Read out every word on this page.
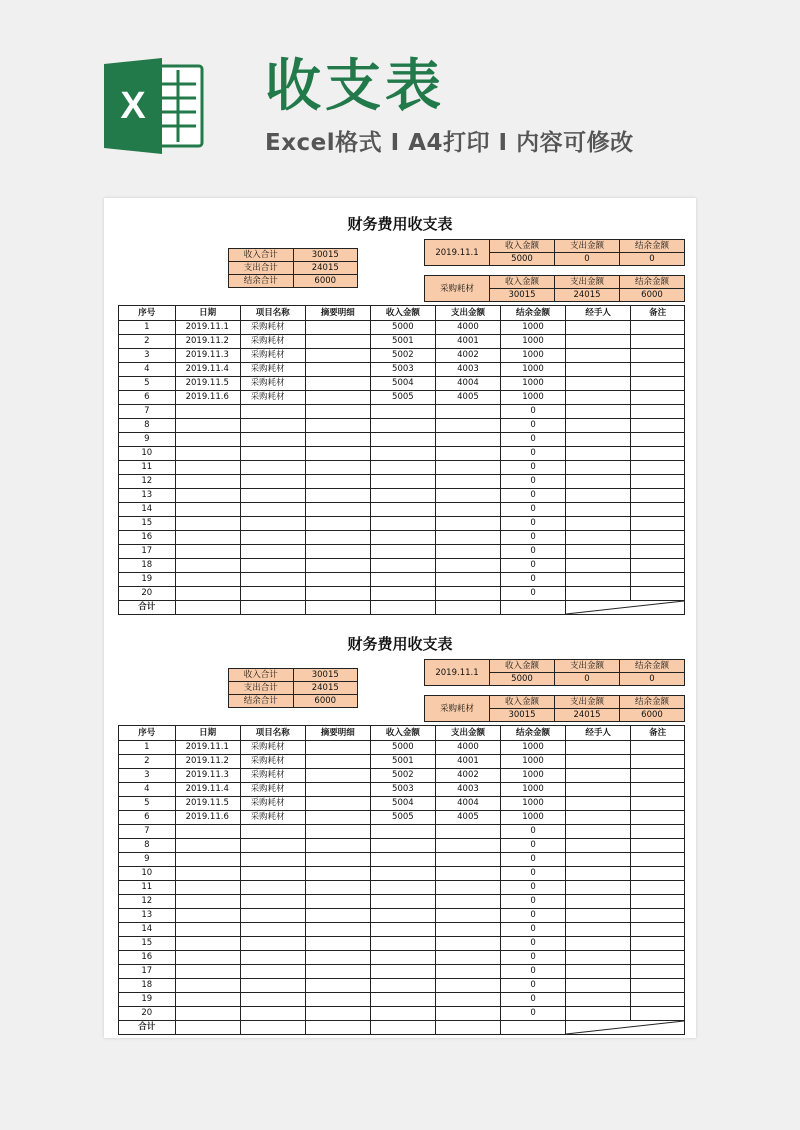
X 收支表
Excel格式 I A4打印 I 内容可修改
财务费用收支表
收入合计	30015
支出合计	24015
结余合计	6000
2019.11.1	收入金额	支出金额	结余金额
	5000	0	0
采购耗材	收入金额	支出金额	结余金额
	30015	24015	6000
序号	日期	项目名称	摘要明细	收入金额	支出金额	结余金额	经手人	备注
1	2019.11.1	采购耗材		5000	4000	1000		
2	2019.11.2	采购耗材		5001	4001	1000		
3	2019.11.3	采购耗材		5002	4002	1000		
4	2019.11.4	采购耗材		5003	4003	1000		
5	2019.11.5	采购耗材		5004	4004	1000		
6	2019.11.6	采购耗材		5005	4005	1000		
7						0		
8						0		
9						0		
10						0		
11						0		
12						0		
13						0		
14						0		
15						0		
16						0		
17						0		
18						0		
19						0		
20						0		
合计							
财务费用收支表
收入合计	30015
支出合计	24015
结余合计	6000
2019.11.1	收入金额	支出金额	结余金额
	5000	0	0
采购耗材	收入金额	支出金额	结余金额
	30015	24015	6000
序号	日期	项目名称	摘要明细	收入金额	支出金额	结余金额	经手人	备注
1	2019.11.1	采购耗材		5000	4000	1000		
2	2019.11.2	采购耗材		5001	4001	1000		
3	2019.11.3	采购耗材		5002	4002	1000		
4	2019.11.4	采购耗材		5003	4003	1000		
5	2019.11.5	采购耗材		5004	4004	1000		
6	2019.11.6	采购耗材		5005	4005	1000		
7						0		
8						0		
9						0		
10						0		
11						0		
12						0		
13						0		
14						0		
15						0		
16						0		
17						0		
18						0		
19						0		
20						0		
合计							
